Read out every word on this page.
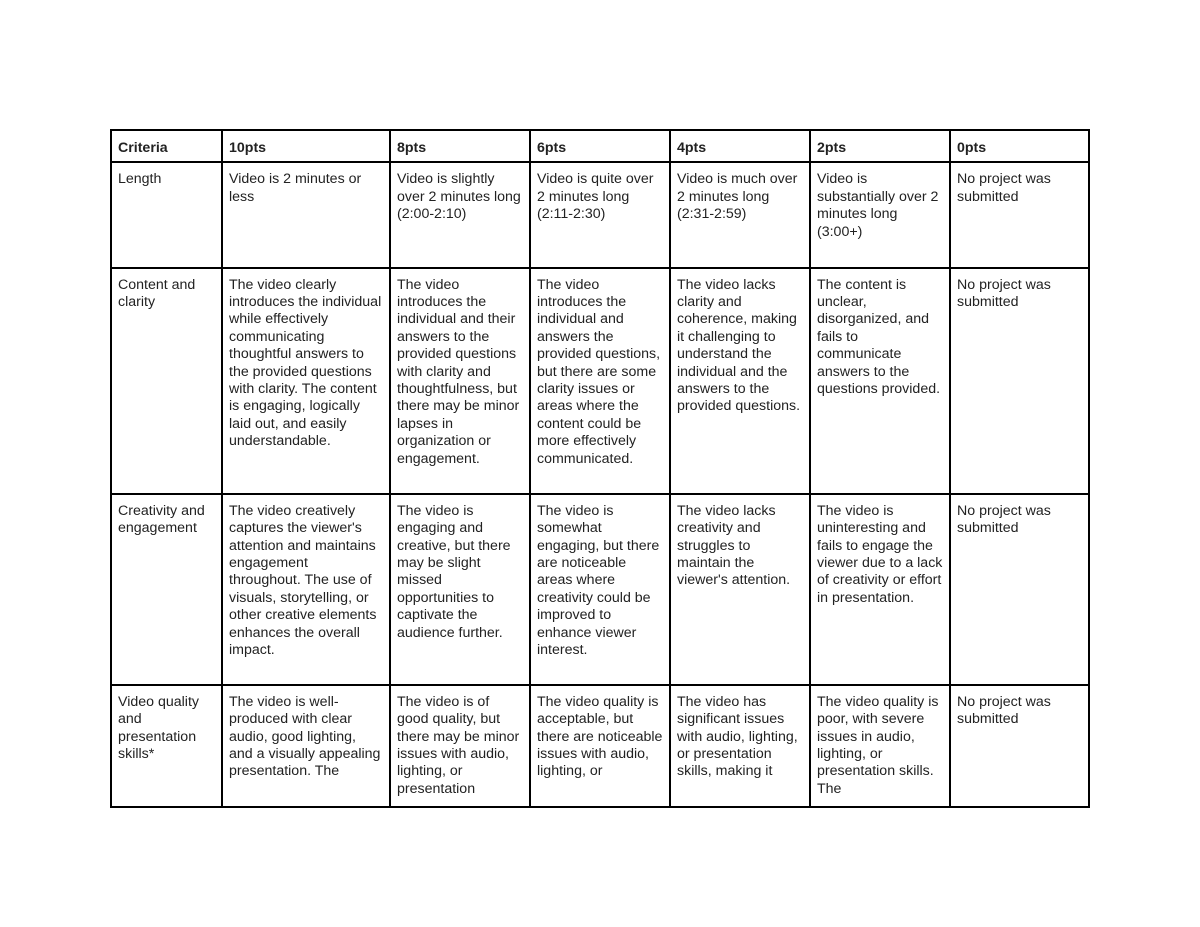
Criteria	10pts	8pts	6pts	4pts	2pts	0pts
Length	Video is 2 minutes or less	Video is slightly over 2 minutes long (2:00-2:10)	Video is quite over 2 minutes long (2:11-2:30)	Video is much over 2 minutes long (2:31-2:59)	Video is substantially over 2 minutes long (3:00+)	No project was submitted
Content and clarity	The video clearly introduces the individual while effectively communicating thoughtful answers to the provided questions with clarity. The content is engaging, logically laid out, and easily understandable.	The video introduces the individual and their answers to the provided questions with clarity and thoughtfulness, but there may be minor lapses in organization or engagement.	The video introduces the individual and answers the provided questions, but there are some clarity issues or areas where the content could be more effectively communicated.	The video lacks clarity and coherence, making it challenging to understand the individual and the answers to the provided questions.	The content is unclear, disorganized, and fails to communicate answers to the questions provided.	No project was submitted
Creativity and engagement	The video creatively captures the viewer's attention and maintains engagement throughout. The use of visuals, storytelling, or other creative elements enhances the overall impact.	The video is engaging and creative, but there may be slight missed opportunities to captivate the audience further.	The video is somewhat engaging, but there are noticeable areas where creativity could be improved to enhance viewer interest.	The video lacks creativity and struggles to maintain the viewer's attention.	The video is uninteresting and fails to engage the viewer due to a lack of creativity or effort in presentation.	No project was submitted
Video quality and presentation skills*	The video is well-produced with clear audio, good lighting, and a visually appealing presentation. The	The video is of good quality, but there may be minor issues with audio, lighting, or presentation	The video quality is acceptable, but there are noticeable issues with audio, lighting, or	The video has significant issues with audio, lighting, or presentation skills, making it	The video quality is poor, with severe issues in audio, lighting, or presentation skills. The	No project was submitted
